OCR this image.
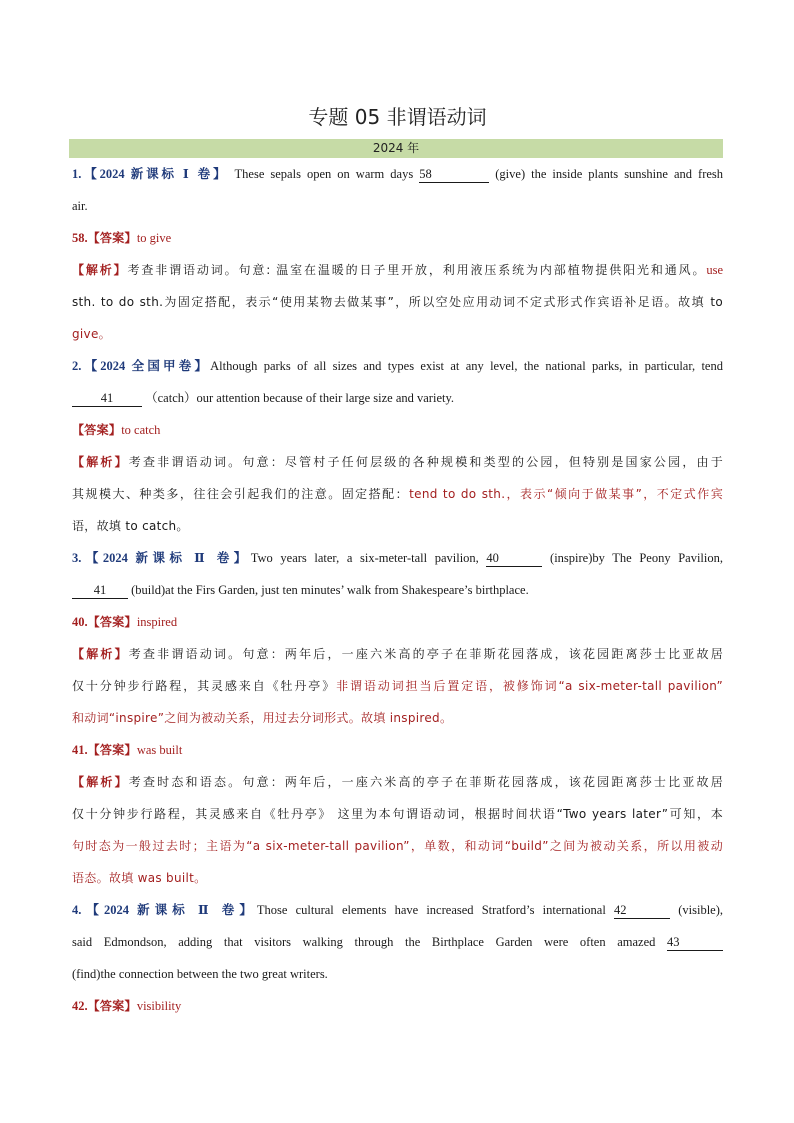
专题 05 非谓语动词
2024 年
1.【2024 新课标 Ⅰ 卷】 These sepals open on warm days 58	(give) the inside plants sunshine and fresh
air.
58.【答案】to give
【解析】考查非谓语动词。句意: 温室在温暖的日子里开放，利用液压系统为内部植物提供阳光和通风。use
sth. to do sth.为固定搭配，表示“使用某物去做某事”，所以空处应用动词不定式形式作宾语补足语。故填 to
give。
2.【2024 全国甲卷】Although parks of all sizes and types exist at any level, the national parks, in particular, tend
41	（catch）our attention because of their large size and variety.
【答案】to catch
【解析】考查非谓语动词。句意：尽管村子任何层级的各种规模和类型的公园，但特别是国家公园，由于
其规模大、种类多，往往会引起我们的注意。固定搭配：tend to do sth.，表示“倾向于做某事”，不定式作宾
语，故填 to catch。
3.【2024 新课标 Ⅱ 卷】Two years later, a six-meter-tall pavilion, 40	(inspire)by The Peony Pavilion,
41 (build)at the Firs Garden, just ten minutes’ walk from Shakespeare’s birthplace.
40.【答案】inspired
【解析】考查非谓语动词。句意：两年后，一座六米高的亭子在菲斯花园落成，该花园距离莎士比亚故居
仅十分钟步行路程，其灵感来自《牡丹亭》非谓语动词担当后置定语，被修饰词“a six-meter-tall pavilion”
和动词“inspire”之间为被动关系，用过去分词形式。故填 inspired。
41.【答案】was built
【解析】考查时态和语态。句意：两年后，一座六米高的亭子在菲斯花园落成，该花园距离莎士比亚故居
仅十分钟步行路程，其灵感来自《牡丹亭》 这里为本句谓语动词，根据时间状语“Two years later”可知，本
句时态为一般过去时；主语为“a six-meter-tall pavilion”，单数，和动词“build”之间为被动关系，所以用被动
语态。故填 was built。
4.【2024 新课标 Ⅱ 卷】Those cultural elements have increased Stratford’s international 42	(visible),
said Edmondson, adding that visitors walking through the Birthplace Garden were often amazed 43
(find)the connection between the two great writers.
42.【答案】visibility
